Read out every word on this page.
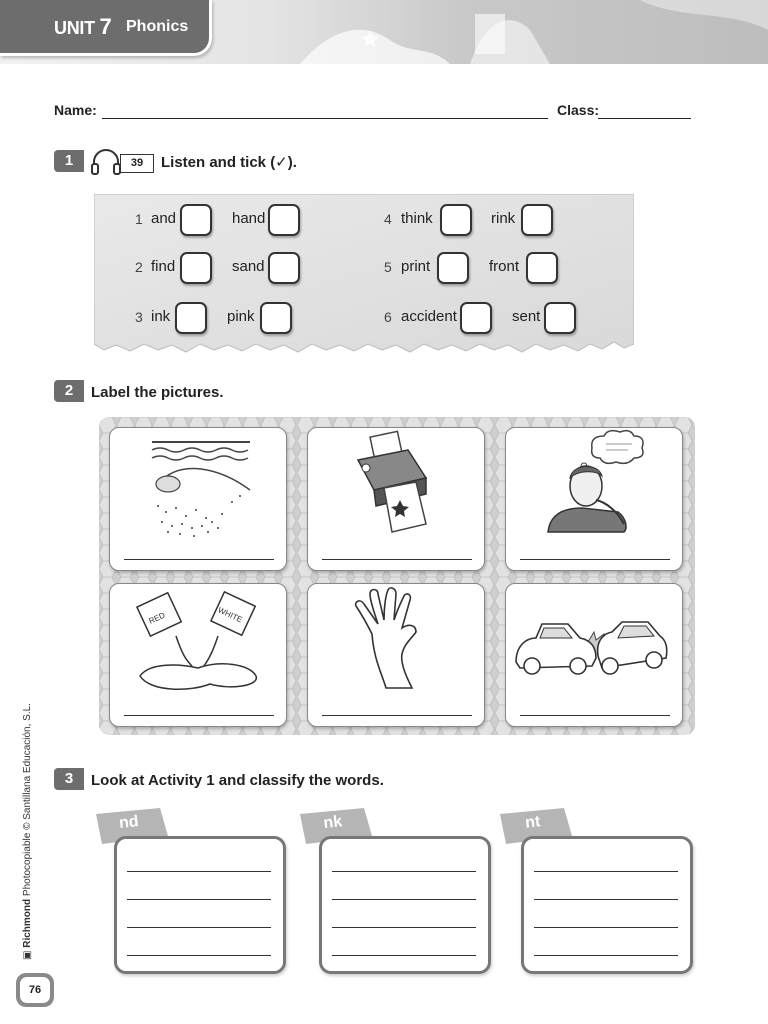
UNIT 7 Phonics
Name:	Class:
1	39	Listen and tick (✓).
1 and	hand
2 find	sand
3 ink	pink
4 think	rink
5 print	front
6 accident	sent
2	Label the pictures.
RED	WHITE
3	Look at Activity 1 and classify the words.
nd	nk	nt
▣ Richmond Photocopiable © Santillana Educación, S.L.
76
